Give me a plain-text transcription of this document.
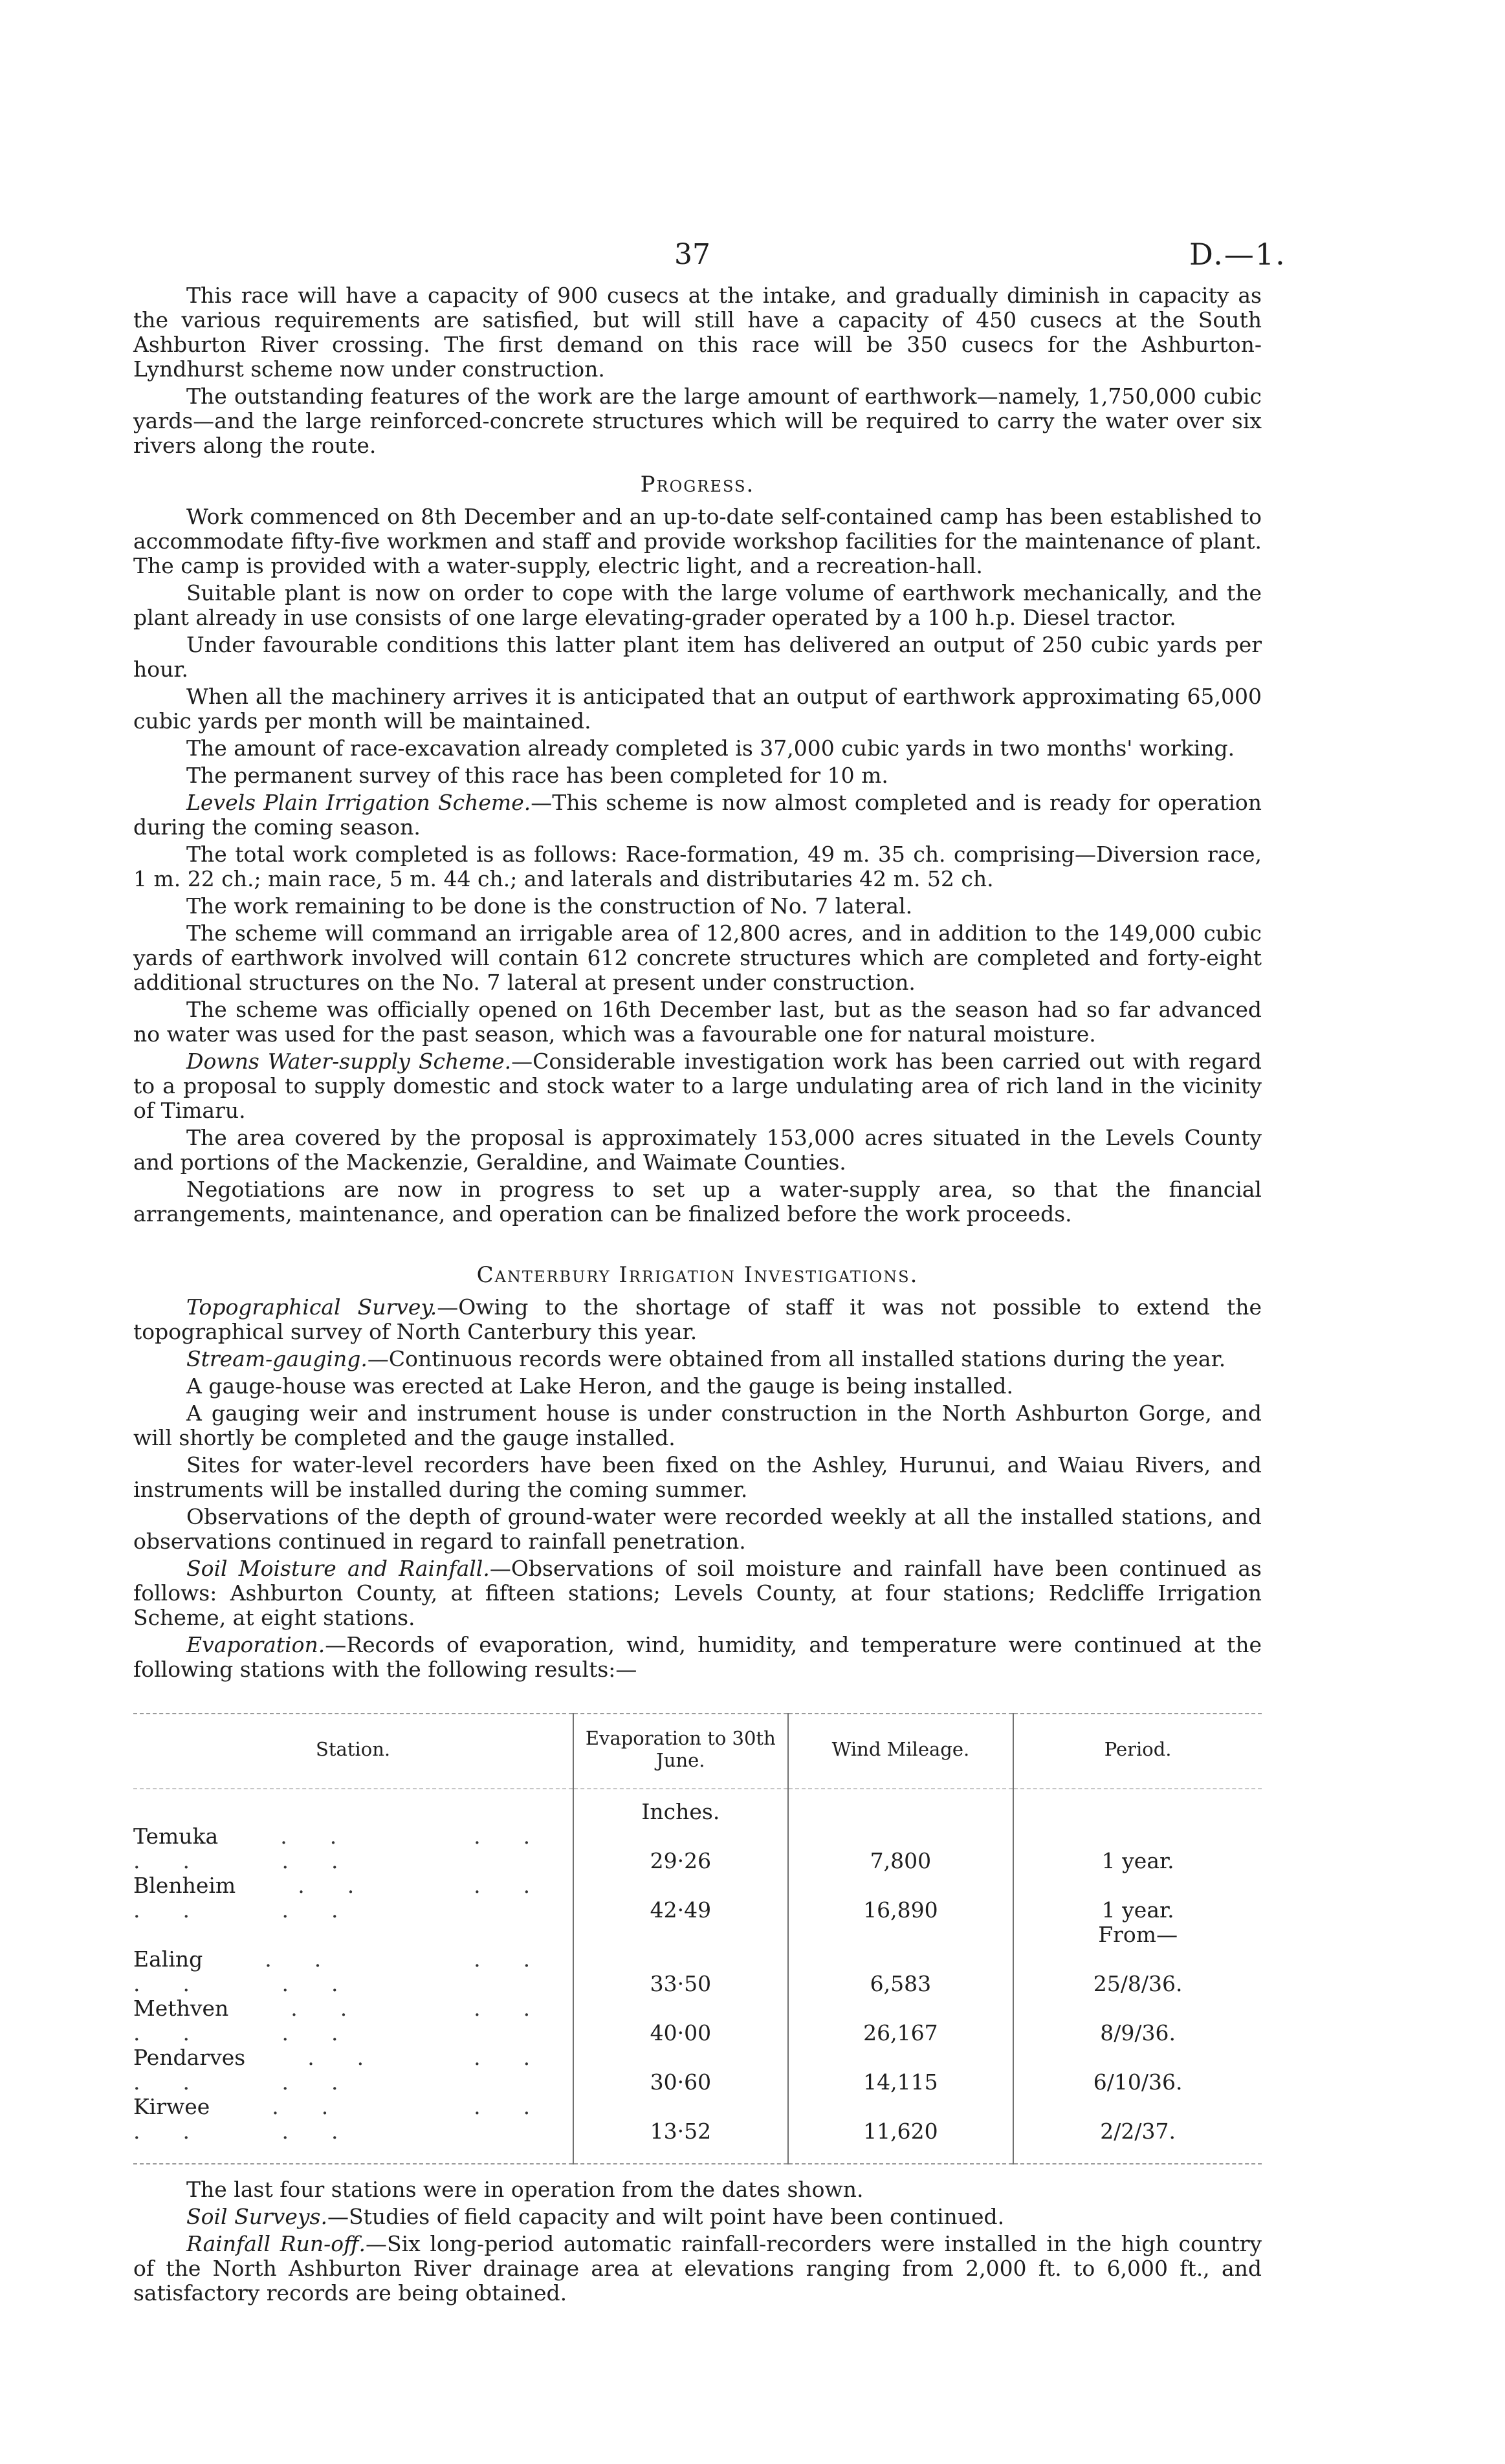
37	D.—1.

This race will have a capacity of 900 cusecs at the intake, and gradually diminish in capacity as the various requirements are satisfied, but will still have a capacity of 450 cusecs at the South Ashburton River crossing. The first demand on this race will be 350 cusecs for the Ashburton-Lyndhurst scheme now under construction.

The outstanding features of the work are the large amount of earthwork—namely, 1,750,000 cubic yards—and the large reinforced-concrete structures which will be required to carry the water over six rivers along the route.

Progress.

Work commenced on 8th December and an up-to-date self-contained camp has been established to accommodate fifty-five workmen and staff and provide workshop facilities for the maintenance of plant. The camp is provided with a water-supply, electric light, and a recreation-hall.

Suitable plant is now on order to cope with the large volume of earthwork mechanically, and the plant already in use consists of one large elevating-grader operated by a 100 h.p. Diesel tractor.

Under favourable conditions this latter plant item has delivered an output of 250 cubic yards per hour.

When all the machinery arrives it is anticipated that an output of earthwork approximating 65,000 cubic yards per month will be maintained.

The amount of race-excavation already completed is 37,000 cubic yards in two months' working.

The permanent survey of this race has been completed for 10 m.

Levels Plain Irrigation Scheme.—This scheme is now almost completed and is ready for operation during the coming season.

The total work completed is as follows: Race-formation, 49 m. 35 ch. comprising—Diversion race, 1 m. 22 ch.; main race, 5 m. 44 ch.; and laterals and distributaries 42 m. 52 ch.

The work remaining to be done is the construction of No. 7 lateral.

The scheme will command an irrigable area of 12,800 acres, and in addition to the 149,000 cubic yards of earthwork involved will contain 612 concrete structures which are completed and forty-eight additional structures on the No. 7 lateral at present under construction.

The scheme was officially opened on 16th December last, but as the season had so far advanced no water was used for the past season, which was a favourable one for natural moisture.

Downs Water-supply Scheme.—Considerable investigation work has been carried out with regard to a proposal to supply domestic and stock water to a large undulating area of rich land in the vicinity of Timaru.

The area covered by the proposal is approximately 153,000 acres situated in the Levels County and portions of the Mackenzie, Geraldine, and Waimate Counties.

Negotiations are now in progress to set up a water-supply area, so that the financial arrangements, maintenance, and operation can be finalized before the work proceeds.

Canterbury Irrigation Investigations.

Topographical Survey.—Owing to the shortage of staff it was not possible to extend the topographical survey of North Canterbury this year.

Stream-gauging.—Continuous records were obtained from all installed stations during the year.

A gauge-house was erected at Lake Heron, and the gauge is being installed.

A gauging weir and instrument house is under construction in the North Ashburton Gorge, and will shortly be completed and the gauge installed.

Sites for water-level recorders have been fixed on the Ashley, Hurunui, and Waiau Rivers, and instruments will be installed during the coming summer.

Observations of the depth of ground-water were recorded weekly at all the installed stations, and observations continued in regard to rainfall penetration.

Soil Moisture and Rainfall.—Observations of soil moisture and rainfall have been continued as follows: Ashburton County, at fifteen stations; Levels County, at four stations; Redcliffe Irrigation Scheme, at eight stations.

Evaporation.—Records of evaporation, wind, humidity, and temperature were continued at the following stations with the following results:—

Station.	Evaporation to 30th June.	Wind Mileage.	Period.
	Inches.		
Temuka .. .. .. ..	29·26	7,800	1 year.
Blenheim .. .. .. ..	42·49	16,890	1 year.
			From—
Ealing .. .. .. ..	33·50	6,583	25/8/36.
Methven .. .. .. ..	40·00	26,167	8/9/36.
Pendarves .. .. .. ..	30·60	14,115	6/10/36.
Kirwee .. .. .. ..	13·52	11,620	2/2/37.

The last four stations were in operation from the dates shown.

Soil Surveys.—Studies of field capacity and wilt point have been continued.

Rainfall Run-off.—Six long-period automatic rainfall-recorders were installed in the high country of the North Ashburton River drainage area at elevations ranging from 2,000 ft. to 6,000 ft., and satisfactory records are being obtained.
